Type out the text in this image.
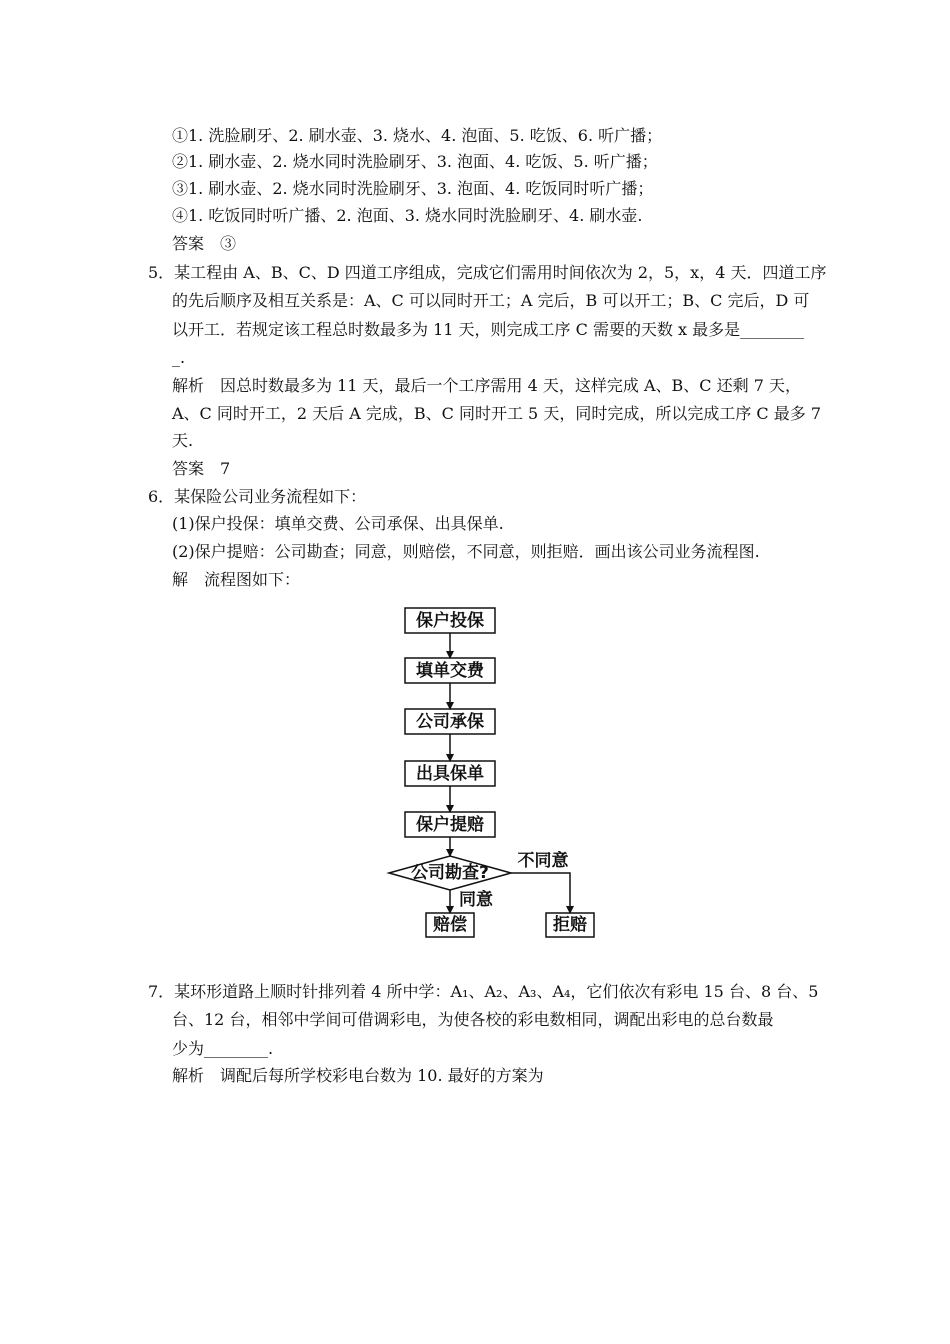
①1. 洗脸刷牙、2. 刷水壶、3. 烧水、4. 泡面、5. 吃饭、6. 听广播；
②1. 刷水壶、2. 烧水同时洗脸刷牙、3. 泡面、4. 吃饭、5. 听广播；
③1. 刷水壶、2. 烧水同时洗脸刷牙、3. 泡面、4. 吃饭同时听广播；
④1. 吃饭同时听广播、2. 泡面、3. 烧水同时洗脸刷牙、4. 刷水壶.
答案　③
5．某工程由 A、B、C、D 四道工序组成，完成它们需用时间依次为 2，5，x，4 天．四道工序
的先后顺序及相互关系是：A、C 可以同时开工；A 完后，B 可以开工；B、C 完后，D 可
以开工．若规定该工程总时数最多为 11 天，则完成工序 C 需要的天数 x 最多是________
_.
解析　因总时数最多为 11 天，最后一个工序需用 4 天，这样完成 A、B、C 还剩 7 天，
A、C 同时开工，2 天后 A 完成，B、C 同时开工 5 天，同时完成，所以完成工序 C 最多 7
天.
答案　7
6．某保险公司业务流程如下：
(1)保户投保：填单交费、公司承保、出具保单.
(2)保户提赔：公司勘查；同意，则赔偿，不同意，则拒赔．画出该公司业务流程图.
解　流程图如下：
保户投保
填单交费
公司承保
出具保单
保户提赔
公司勘查?
不同意
同意
赔偿	拒赔
7．某环形道路上顺时针排列着 4 所中学：A₁、A₂、A₃、A₄，它们依次有彩电 15 台、8 台、5
台、12 台，相邻中学间可借调彩电，为使各校的彩电数相同，调配出彩电的总台数最
少为________.
解析　调配后每所学校彩电台数为 10. 最好的方案为
